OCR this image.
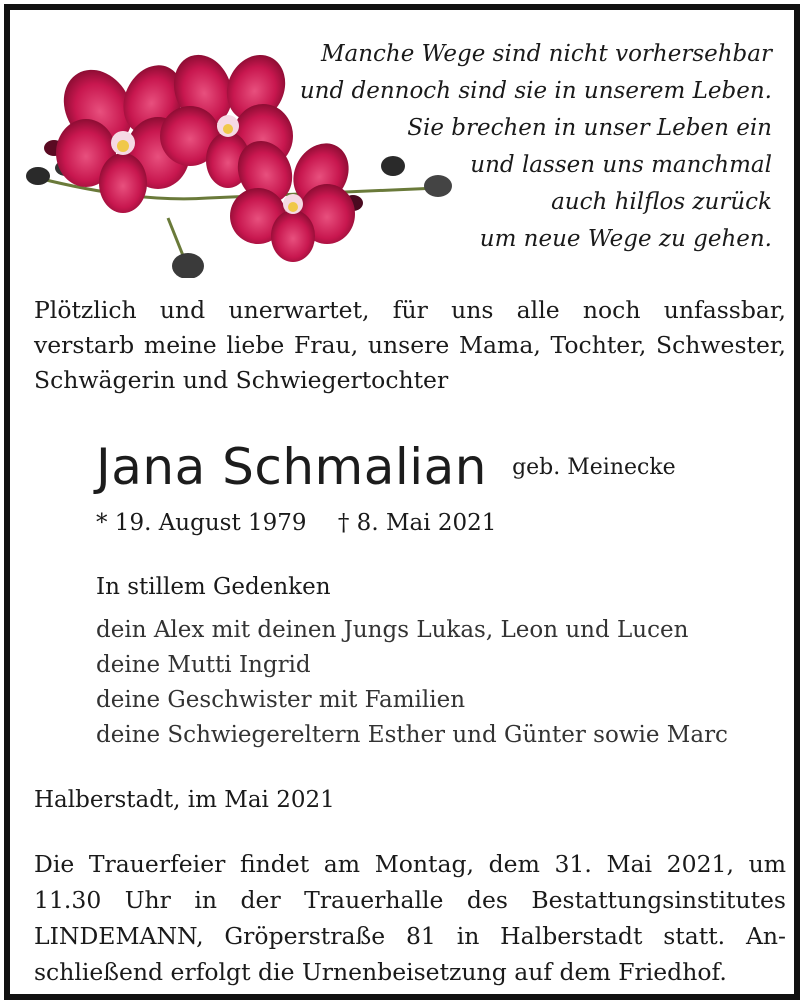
Manche Wege sind nicht vorhersehbar
und dennoch sind sie in unserem Leben.
Sie brechen in unser Leben ein
und lassen uns manchmal
auch hilflos zurück
um neue Wege zu gehen.
Plötzlich und unerwartet, für uns alle noch unfassbar,
verstarb meine liebe Frau, unsere Mama, Tochter, Schwester,
Schwägerin und Schwiegertochter
Jana Schmalian geb. Meinecke
* 19. August 1979 † 8. Mai 2021
In stillem Gedenken
dein Alex mit deinen Jungs Lukas, Leon und Lucen
deine Mutti Ingrid
deine Geschwister mit Familien
deine Schwiegereltern Esther und Günter sowie Marc
Halberstadt, im Mai 2021
Die Trauerfeier findet am Montag, dem 31. Mai 2021, um
11.30 Uhr in der Trauerhalle des Bestattungsinstitutes
LINDEMANN, Gröperstraße 81 in Halberstadt statt. An-
schließend erfolgt die Urnenbeisetzung auf dem Friedhof.
